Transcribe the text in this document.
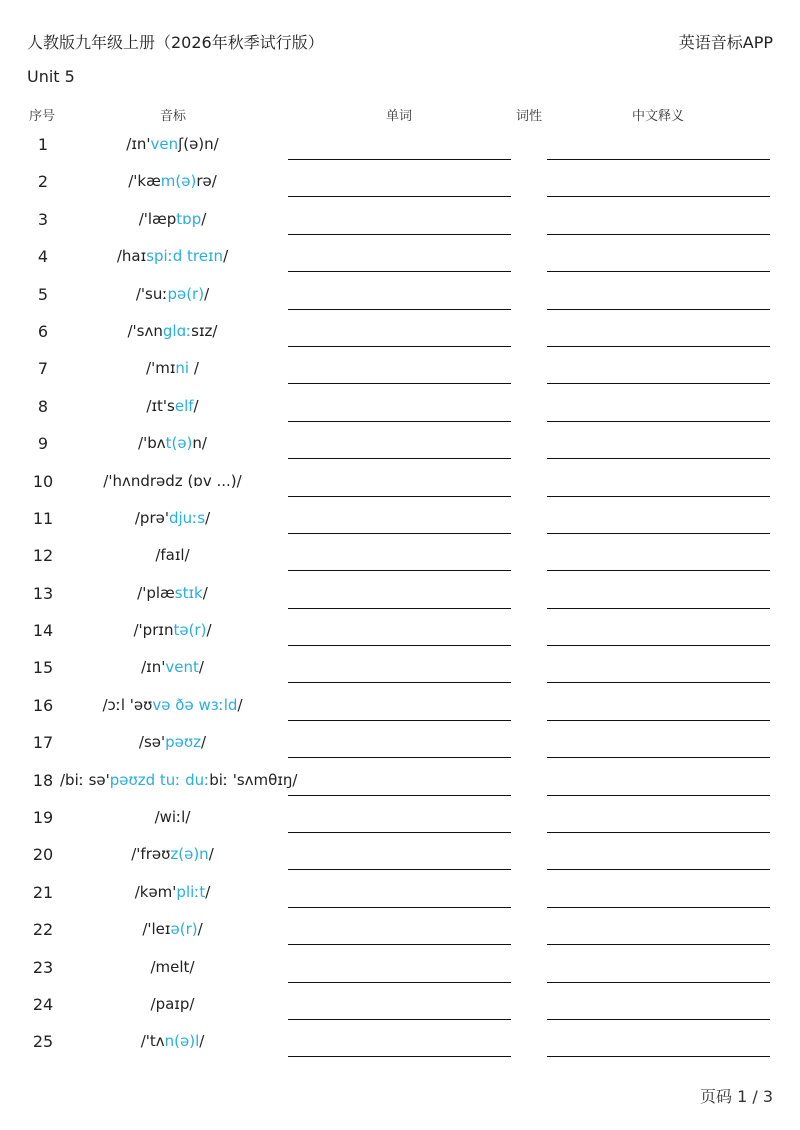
人教版九年级上册（2026年秋季试行版）	英语音标APP
Unit 5
序号	音标	单词	词性	中文释义
1	/ɪn'venʃ(ə)n/
2	/'kæm(ə)rə/
3	/'læptɒp/
4	/haɪspiːd treɪn/
5	/'suːpə(r)/
6	/'sʌnglɑːsɪz/
7	/'mɪni /
8	/ɪt'self/
9	/'bʌt(ə)n/
10	/'hʌndrədz (ɒv ...)/
11	/prə'djuːs/
12	/faɪl/
13	/'plæstɪk/
14	/'prɪntə(r)/
15	/ɪn'vent/
16	/ɔːl 'əʊvə ðə wɜːld/
17	/sə'pəʊz/
18 /biː sə'pəʊzd tuː duːbiː 'sʌmθɪŋ/
19	/wiːl/
20	/'frəʊz(ə)n/
21	/kəm'pliːt/
22	/'leɪə(r)/
23	/melt/
24	/paɪp/
25	/'tʌn(ə)l/
页码 1 / 3
